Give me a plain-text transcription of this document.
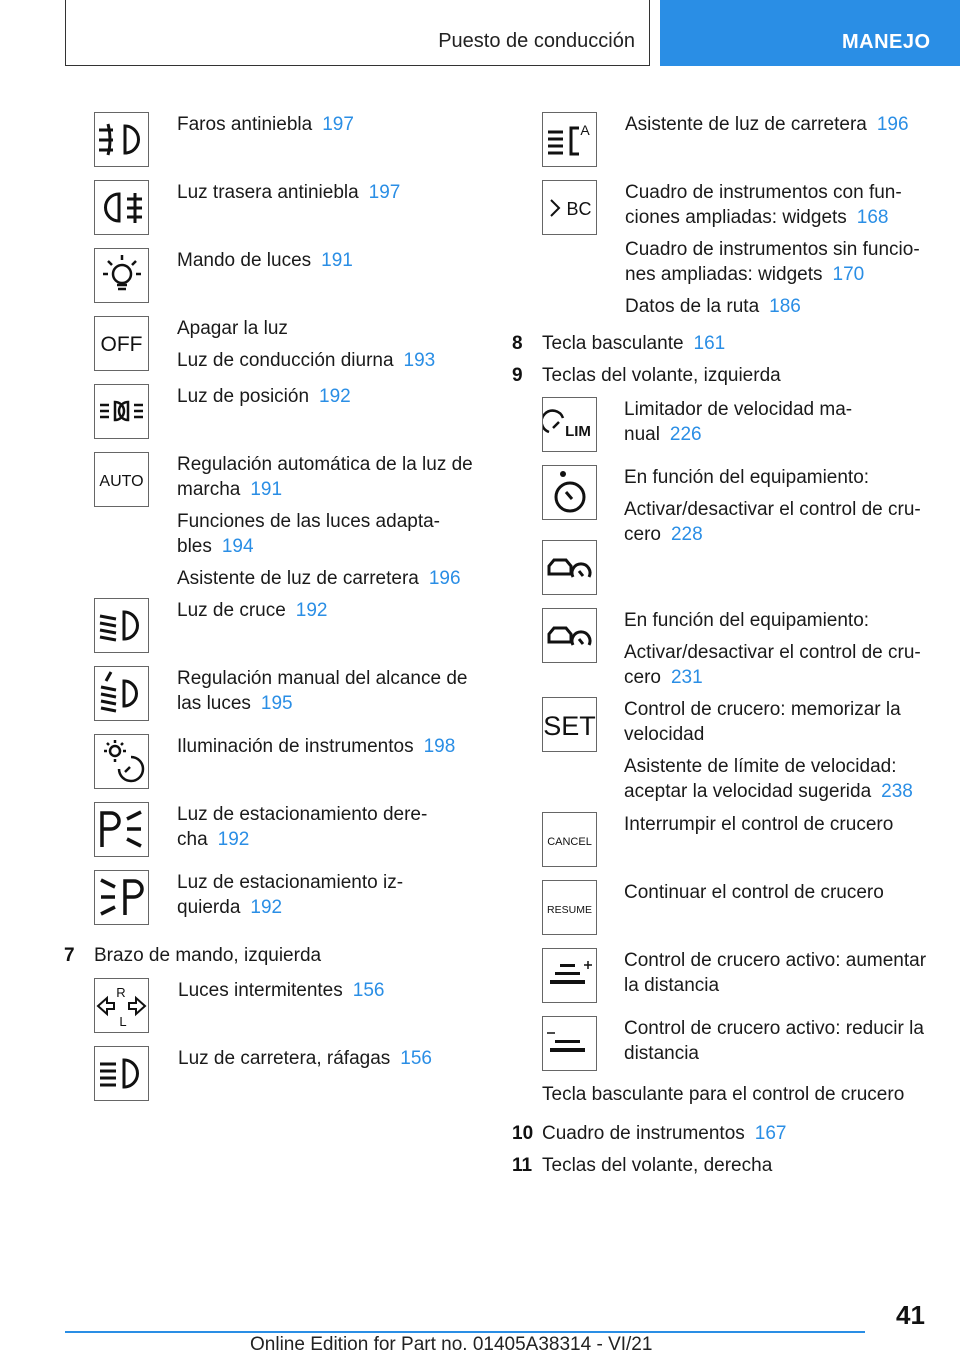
Puesto de conducción	MANEJO
Faros antiniebla 197
Luz trasera antiniebla 197
Mando de luces 191
OFF
Apagar la luz
Luz de conducción diurna 193
Luz de posición 192
AUTO
Regulación automática de la luz de
marcha 191
Funciones de las luces adapta-
bles 194
Asistente de luz de carretera 196
Luz de cruce 192
Regulación manual del alcance de
las luces 195
Iluminación de instrumentos 198
Luz de estacionamiento dere-
cha 192
Luz de estacionamiento iz-
quierda 192
7 Brazo de mando, izquierda
R
L
Luces intermitentes 156
Luz de carretera, ráfagas 156
A Asistente de luz de carretera 196
BC
Cuadro de instrumentos con fun-
ciones ampliadas: widgets 168
Cuadro de instrumentos sin funcio-
nes ampliadas: widgets 170
Datos de la ruta 186
8 Tecla basculante 161
9 Teclas del volante, izquierda
LIM
Limitador de velocidad ma-
nual 226
En función del equipamiento:
Activar/desactivar el control de cru-
cero 228
En función del equipamiento:
Activar/desactivar el control de cru-
cero 231
SET
Control de crucero: memorizar la
velocidad
Asistente de límite de velocidad:
aceptar la velocidad sugerida 238
CANCEL
Interrumpir el control de crucero
RESUME
Continuar el control de crucero
Control de crucero activo: aumentar
la distancia
Control de crucero activo: reducir la
distancia
Tecla basculante para el control de crucero
10 Cuadro de instrumentos 167
11 Teclas del volante, derecha
41
Online Edition for Part no. 01405A38314 - VI/21
